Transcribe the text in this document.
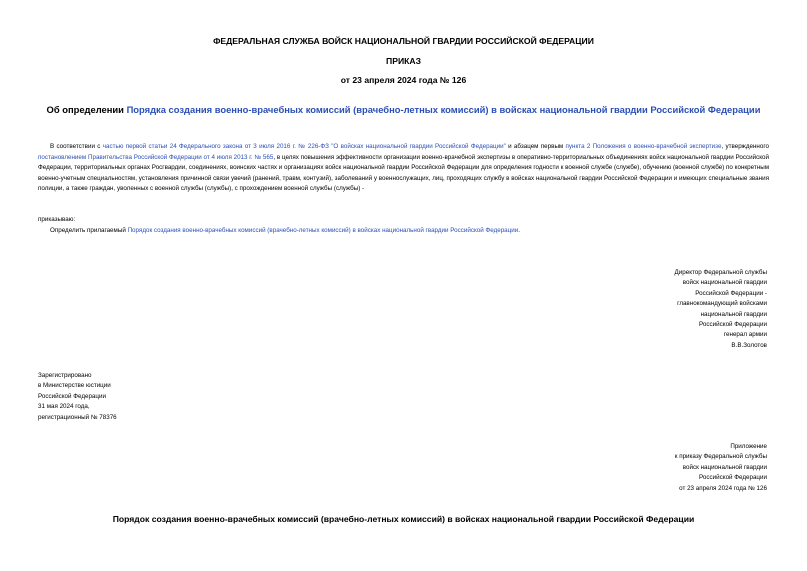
ФЕДЕРАЛЬНАЯ СЛУЖБА ВОЙСК НАЦИОНАЛЬНОЙ ГВАРДИИ РОССИЙСКОЙ ФЕДЕРАЦИИ
ПРИКАЗ
от 23 апреля 2024 года № 126
Об определении Порядка создания военно-врачебных комиссий (врачебно-летных комиссий) в войсках национальной гвардии Российской Федерации
В соответствии с частью первой статьи 24 Федерального закона от 3 июля 2016 г. № 226-ФЗ "О войсках национальной гвардии Российской Федерации" и абзацем первым пункта 2 Положения о военно-врачебной экспертизе, утвержденного постановлением Правительства Российской Федерации от 4 июля 2013 г. № 565, в целях повышения эффективности организации военно-врачебной экспертизы в оперативно-территориальных объединениях войск национальной гвардии Российской Федерации, территориальных органах Росгвардии, соединениях, воинских частях и организациях войск национальной гвардии Российской Федерации для определения годности к военной службе (службе), обучению (военной службе) по конкретным военно-учетным специальностям, установления причинной связи увечий (ранений, травм, контузий), заболеваний у военнослужащих, лиц, проходящих службу в войсках национальной гвардии Российской Федерации и имеющих специальные звания полиции, а также граждан, уволенных с военной службы (службы), с прохождением военной службы (службы) -
приказываю:
Определить прилагаемый Порядок создания военно-врачебных комиссий (врачебно-летных комиссий) в войсках национальной гвардии Российской Федерации.
Директор Федеральной службы
войск национальной гвардии
Российской Федерации -
главнокомандующий войсками
национальной гвардии
Российской Федерации
генерал армии
В.В.Золотов
Зарегистрировано
в Министерстве юстиции
Российской Федерации
31 мая 2024 года,
регистрационный № 78376
Приложение
к приказу Федеральной службы
войск национальной гвардии
Российской Федерации
от 23 апреля 2024 года № 126
Порядок создания военно-врачебных комиссий (врачебно-летных комиссий) в войсках национальной гвардии Российской Федерации
